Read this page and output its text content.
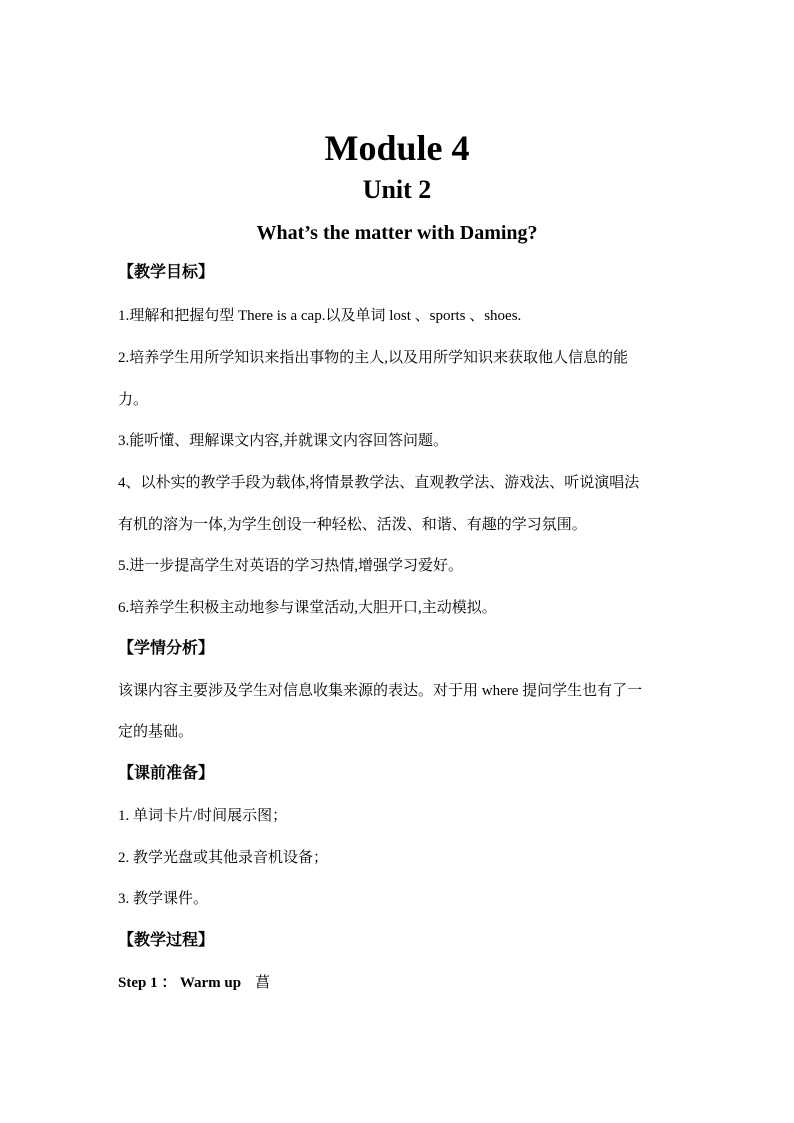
Module 4
Unit 2
What’s the matter with Daming?
【教学目标】
1.理解和把握句型 There is a cap.以及单词 lost 、sports 、shoes.
2.培养学生用所学知识来指出事物的主人,以及用所学知识来获取他人信息的能
力。
3.能听懂、理解课文内容,并就课文内容回答问题。
4、以朴实的教学手段为载体,将情景教学法、直观教学法、游戏法、听说演唱法
有机的溶为一体,为学生创设一种轻松、活泼、和谐、有趣的学习氛围。
5.进一步提高学生对英语的学习热情,增强学习爱好。
6.培养学生积极主动地参与课堂活动,大胆开口,主动模拟。
【学情分析】
该课内容主要涉及学生对信息收集来源的表达。对于用 where 提问学生也有了一
定的基础。
【课前准备】
1. 单词卡片/时间展示图；
2. 教学光盘或其他录音机设备；
3. 教学课件。
【教学过程】
Step 1 ： Warm up 菖
